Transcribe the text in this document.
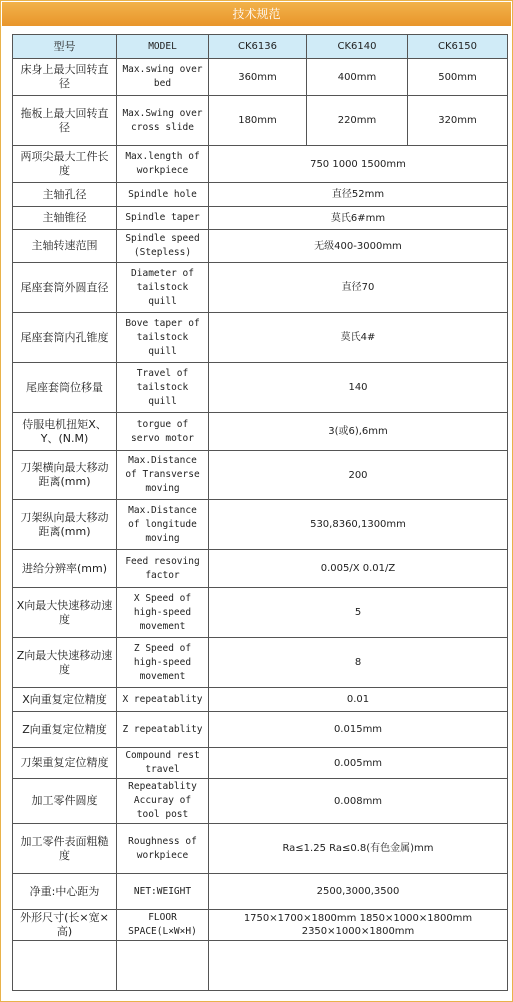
技术规范
型号	MODEL	CK6136	CK6140	CK6150
床身上最大回转直径	Max.swing over bed	360mm	400mm	500mm
拖板上最大回转直径	Max.Swing over cross slide	180mm	220mm	320mm
两项尖最大工件长度	Max.length of workpiece	750 1000 1500mm		
主轴孔径	Spindle hole	直径52mm		
主轴锥径	Spindle taper	莫氏6#mm		
主轴转速范围	Spindle speed (Stepless)	无级400-3000mm		
尾座套筒外圆直径	Diameter of tailstock quill	直径70		
尾座套筒内孔锥度	Bove taper of tailstock quill	莫氏4#		
尾座套筒位移量	Travel of tailstock quill	140		
侍服电机扭矩X、Y、(N.M)	torgue of servo motor	3(或6),6mm		
刀架横向最大移动距离(mm)	Max.Distance of Transverse moving	200		
刀架纵向最大移动距离(mm)	Max.Distance of longitude moving	530,8360,1300mm		
进给分辨率(mm)	Feed resoving factor	0.005/X 0.01/Z		
X向最大快速移动速度	X Speed of high-speed movement	5		
Z向最大快速移动速度	Z Speed of high-speed movement	8		
X向重复定位精度	X repeatablity	0.01		
Z向重复定位精度	Z repeatablity	0.015mm		
刀架重复定位精度	Compound rest travel	0.005mm		
加工零件圆度	Repeatablity Accuray of tool post	0.008mm		
加工零件表面粗糙度	Roughness of workpiece	Ra≤1.25 Ra≤0.8(有色金属)mm		
净重:中心距为	NET:WEIGHT	2500,3000,3500		
外形尺寸(长×宽×高)	FLOOR SPACE(L×W×H)	1750×1700×1800mm 1850×1000×1800mm 2350×1000×1800mm		
